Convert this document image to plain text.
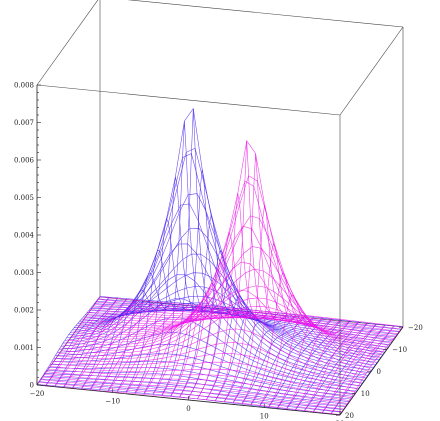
0
0.001
0.002
0.003
0.004
0.005
0.006
0.007
0.008
−20
−10
0
10
−20
−10
0
10
20
